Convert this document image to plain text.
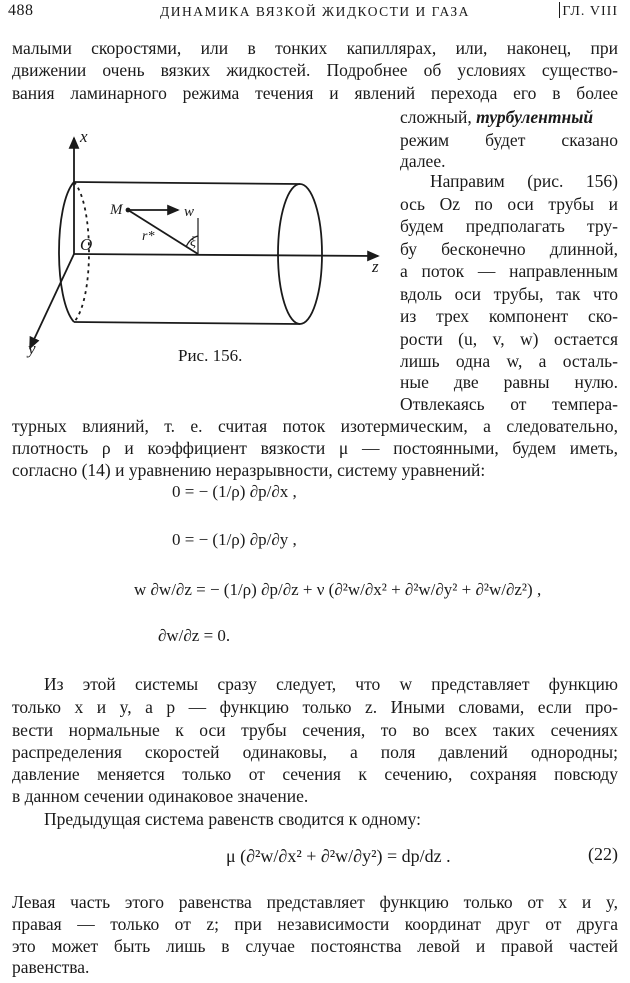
488	ДИНАМИКА ВЯЗКОЙ ЖИДКОСТИ И ГАЗА	ГЛ. VIII
малыми скоростями, или в тонких капиллярах, или, наконец, при
движении очень вязких жидкостей. Подробнее об условиях существо-
вания ламинарного режима течения и явлений перехода его в более
сложный, турбулентный
режим будет сказано
далее.
Направим (рис. 156)
ось Oz по оси трубы и
будем предполагать тру-
бу бесконечно длинной,
а поток — направленным
вдоль оси трубы, так что
из трех компонент ско-
рости (u, v, w) остается
лишь одна w, а осталь-
ные две равны нулю.
Отвлекаясь от темпера-
турных влияний, т. е. считая поток изотермическим, а следовательно,
плотность ρ и коэффициент вязкости μ — постоянными, будем иметь,
согласно (14) и уравнению неразрывности, систему уравнений:
x
z
y
O
M	w
r*	ξ
Рис. 156.
0 = − (1/ρ) ∂p/∂x ,
0 = − (1/ρ) ∂p/∂y ,
w ∂w/∂z = − (1/ρ) ∂p/∂z + ν (∂²w/∂x² + ∂²w/∂y² + ∂²w/∂z²) ,
∂w/∂z = 0.
Из этой системы сразу следует, что w представляет функцию
только x и y, а p — функцию только z. Иными словами, если про-
вести нормальные к оси трубы сечения, то во всех таких сечениях
распределения скоростей одинаковы, а поля давлений однородны;
давление меняется только от сечения к сечению, сохраняя повсюду
в данном сечении одинаковое значение.
Предыдущая система равенств сводится к одному:
μ (∂²w/∂x² + ∂²w/∂y²) = dp/dz .	(22)
Левая часть этого равенства представляет функцию только от x и y,
правая — только от z; при независимости координат друг от друга
это может быть лишь в случае постоянства левой и правой частей
равенства.
